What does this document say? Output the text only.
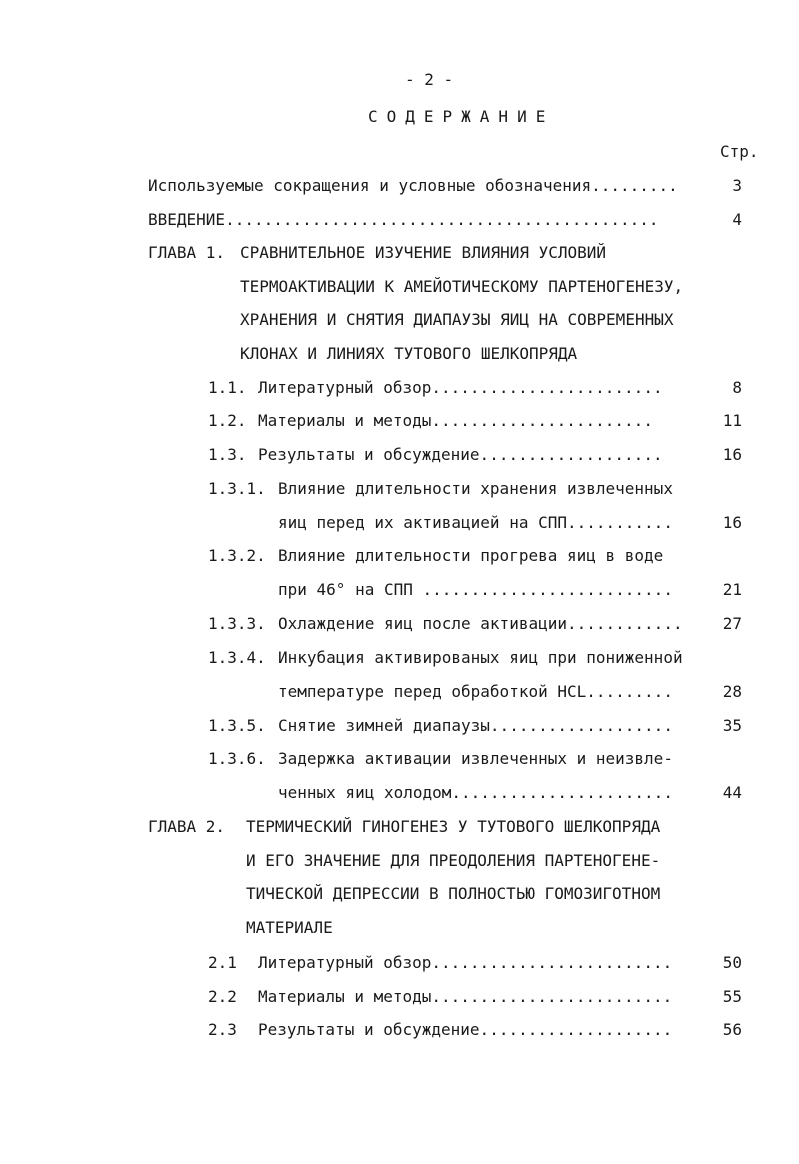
- 2 -
СОДЕРЖАНИЕ
Стр.
Используемые сокращения и условные обозначения.........	3
ВВЕДЕНИЕ.............................................	4
ГЛАВА 1. СРАВНИТЕЛЬНОЕ ИЗУЧЕНИЕ ВЛИЯНИЯ УСЛОВИЙ
ТЕРМОАКТИВАЦИИ К АМЕЙОТИЧЕСКОМУ ПАРТЕНОГЕНЕЗУ,
ХРАНЕНИЯ И СНЯТИЯ ДИАПАУЗЫ ЯИЦ НА СОВРЕМЕННЫХ
КЛОНАХ И ЛИНИЯХ ТУТОВОГО ШЕЛКОПРЯДА
1.1. Литературный обзор........................	8
1.2. Материалы и методы.......................	11
1.3. Результаты и обсуждение...................	16
1.3.1. Влияние длительности хранения извлеченных
яиц перед их активацией на СПП...........	16
1.3.2. Влияние длительности прогрева яиц в воде
при 46° на СПП ..........................	21
1.3.3. Охлаждение яиц после активации............	27
1.3.4. Инкубация активированых яиц при пониженной
температуре перед обработкой HCL.........	28
1.3.5. Снятие зимней диапаузы...................	35
1.3.6. Задержка активации извлеченных и неизвле-
ченных яиц холодом.......................	44
ГЛАВА 2. ТЕРМИЧЕСКИЙ ГИНОГЕНЕЗ У ТУТОВОГО ШЕЛКОПРЯДА
И ЕГО ЗНАЧЕНИЕ ДЛЯ ПРЕОДОЛЕНИЯ ПАРТЕНОГЕНЕ-
ТИЧЕСКОЙ ДЕПРЕССИИ В ПОЛНОСТЬЮ ГОМОЗИГОТНОМ
МАТЕРИАЛЕ
2.1 Литературный обзор.........................	50
2.2 Материалы и методы.........................	55
2.3 Результаты и обсуждение....................	56
